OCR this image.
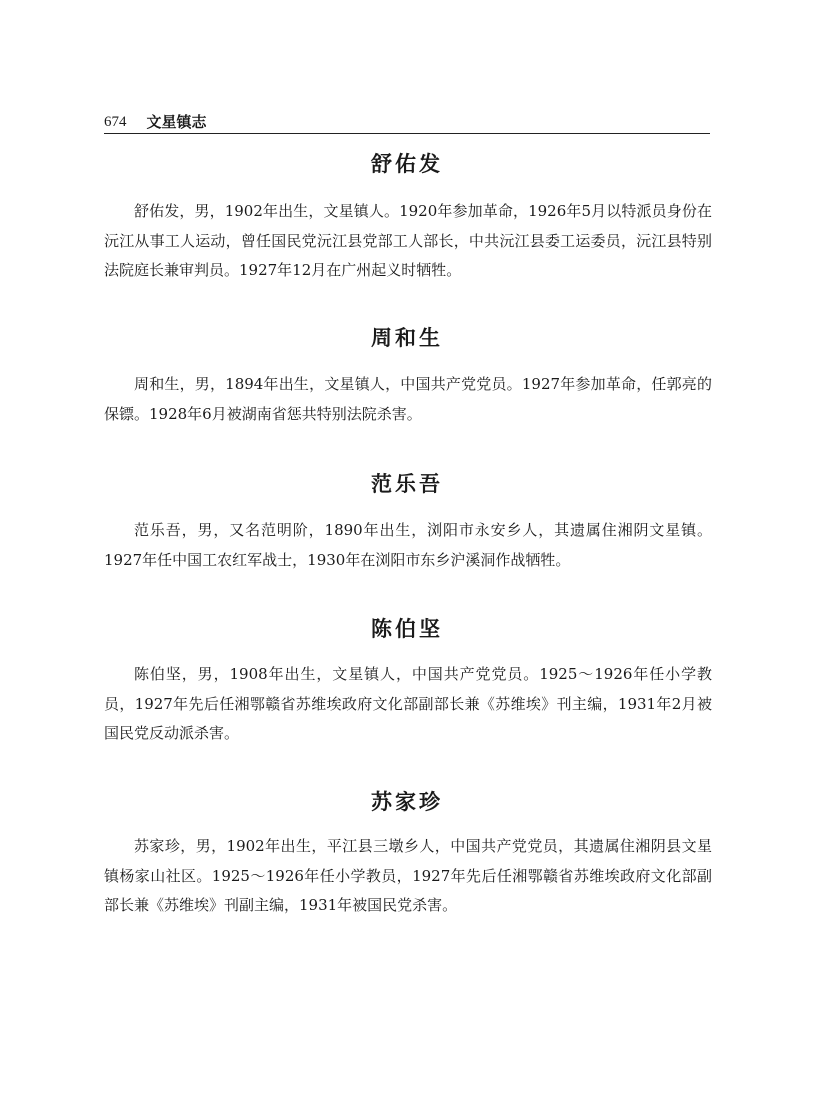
674 文星镇志
舒佑发

舒佑发，男，1902年出生，文星镇人。1920年参加革命，1926年5月以特派员身份在沅江从事工人运动，曾任国民党沅江县党部工人部长，中共沅江县委工运委员，沅江县特别法院庭长兼审判员。1927年12月在广州起义时牺牲。

周和生

周和生，男，1894年出生，文星镇人，中国共产党党员。1927年参加革命，任郭亮的保镖。1928年6月被湖南省惩共特别法院杀害。

范乐吾

范乐吾，男，又名范明阶，1890年出生，浏阳市永安乡人，其遗属住湘阴文星镇。1927年任中国工农红军战士，1930年在浏阳市东乡沪溪洞作战牺牲。

陈伯坚

陈伯坚，男，1908年出生，文星镇人，中国共产党党员。1925～1926年任小学教员，1927年先后任湘鄂赣省苏维埃政府文化部副部长兼《苏维埃》刊主编，1931年2月被国民党反动派杀害。

苏家珍

苏家珍，男，1902年出生，平江县三墩乡人，中国共产党党员，其遗属住湘阴县文星镇杨家山社区。1925～1926年任小学教员，1927年先后任湘鄂赣省苏维埃政府文化部副部长兼《苏维埃》刊副主编，1931年被国民党杀害。
